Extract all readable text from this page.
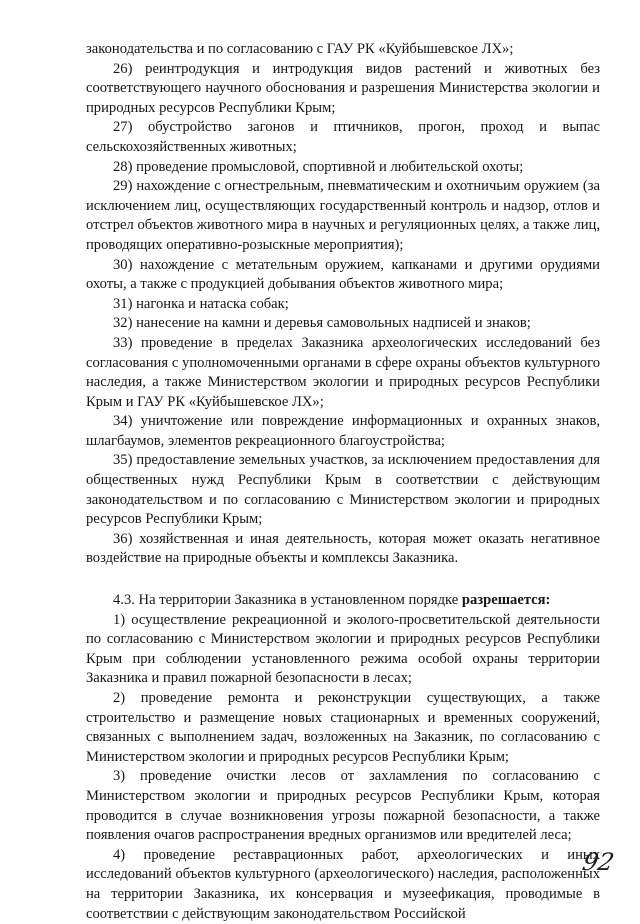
законодательства и по согласованию с ГАУ РК «Куйбышевское ЛХ»;

26) реинтродукция и интродукция видов растений и животных без соответствующего научного обоснования и разрешения Министерства экологии и природных ресурсов Республики Крым;

27) обустройство загонов и птичников, прогон, проход и выпас сельскохозяйственных животных;

28) проведение промысловой, спортивной и любительской охоты;

29) нахождение с огнестрельным, пневматическим и охотничьим оружием (за исключением лиц, осуществляющих государственный контроль и надзор, отлов и отстрел объектов животного мира в научных и регуляционных целях, а также лиц, проводящих оперативно-розыскные мероприятия);

30) нахождение с метательным оружием, капканами и другими орудиями охоты, а также с продукцией добывания объектов животного мира;

31) нагонка и натаска собак;

32) нанесение на камни и деревья самовольных надписей и знаков;

33) проведение в пределах Заказника археологических исследований без согласования с уполномоченными органами в сфере охраны объектов культурного наследия, а также Министерством экологии и природных ресурсов Республики Крым и ГАУ РК «Куйбышевское ЛХ»;

34) уничтожение или повреждение информационных и охранных знаков, шлагбаумов, элементов рекреационного благоустройства;

35) предоставление земельных участков, за исключением предоставления для общественных нужд Республики Крым в соответствии с действующим законодательством и по согласованию с Министерством экологии и природных ресурсов Республики Крым;

36) хозяйственная и иная деятельность, которая может оказать негативное воздействие на природные объекты и комплексы Заказника.

4.3. На территории Заказника в установленном порядке разрешается:

1) осуществление рекреационной и эколого-просветительской деятельности по согласованию с Министерством экологии и природных ресурсов Республики Крым при соблюдении установленного режима особой охраны территории Заказника и правил пожарной безопасности в лесах;

2) проведение ремонта и реконструкции существующих, а также строительство и размещение новых стационарных и временных сооружений, связанных с выполнением задач, возложенных на Заказник, по согласованию с Министерством экологии и природных ресурсов Республики Крым;

3) проведение очистки лесов от захламления по согласованию с Министерством экологии и природных ресурсов Республики Крым, которая проводится в случае возникновения угрозы пожарной безопасности, а также появления очагов распространения вредных организмов или вредителей леса;

4) проведение реставрационных работ, археологических и иных исследований объектов культурного (археологического) наследия, расположенных на территории Заказника, их консервация и музеефикация, проводимые в соответствии с действующим законодательством Российской

92
